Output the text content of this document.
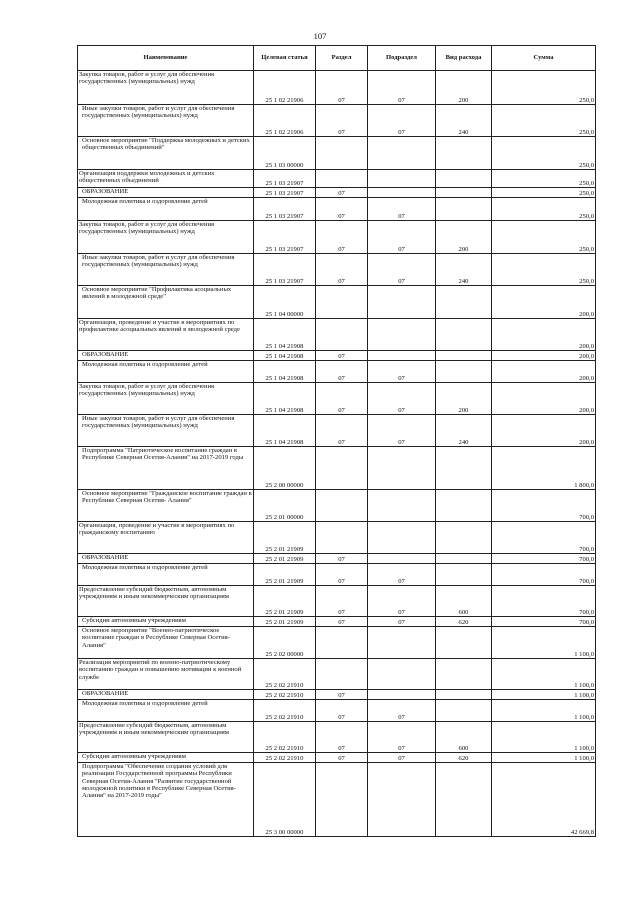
107
Наименование	Целевая статья	Раздел	Подраздел	Вид расхода	Сумма
Закупка товаров, работ и услуг для обеспечения государственных (муниципальных) нужд	25 1 02 21906	07	07	200	250,0
Иные закупки товаров, работ и услуг для обеспечения государственных (муниципальных) нужд	25 1 02 21906	07	07	240	250,0
Основное мероприятие "Поддержка молодежных и детских общественных объединений"	25 1 03 00000				250,0
Организация поддержки молодежных и детских общественных объединений	25 1 03 21907				250,0
ОБРАЗОВАНИЕ	25 1 03 21907	07			250,0
Молодежная политика и оздоровление детей	25 1 03 21907	07	07		250,0
Закупка товаров, работ и услуг для обеспечения государственных (муниципальных) нужд	25 1 03 21907	07	07	200	250,0
Иные закупки товаров, работ и услуг для обеспечения государственных (муниципальных) нужд	25 1 03 21907	07	07	240	250,0
Основное мероприятие "Профилактика асоциальных явлений в молодежной среде"	25 1 04 00000				200,0
Организация, проведение и участие в мероприятиях по профилактике асоциальных явлений в молодежной среде	25 1 04 21908				200,0
ОБРАЗОВАНИЕ	25 1 04 21908	07			200,0
Молодежная политика и оздоровление детей	25 1 04 21908	07	07		200,0
Закупка товаров, работ и услуг для обеспечения государственных (муниципальных) нужд	25 1 04 21908	07	07	200	200,0
Иные закупки товаров, работ и услуг для обеспечения государственных (муниципальных) нужд	25 1 04 21908	07	07	240	200,0
Подпрограмма "Патриотическое воспитание граждан в Республике Северная Осетия-Алания" на 2017-2019 годы	25 2 00 00000				1 800,0
Основное мероприятие "Гражданское воспитание граждан в Республике Северная Осетия- Алания"	25 2 01 00000				700,0
Организация, проведение и участие в мероприятиях по гражданскому воспитанию	25 2 01 21909				700,0
ОБРАЗОВАНИЕ	25 2 01 21909	07			700,0
Молодежная политика и оздоровление детей	25 2 01 21909	07	07		700,0
Предоставление субсидий бюджетным, автономным учреждениям и иным некоммерческим организациям	25 2 01 21909	07	07	600	700,0
Субсидии автономным учреждениям	25 2 01 21909	07	07	620	700,0
Основное мероприятие "Военно-патриотическое воспитание граждан в Республике Северная Осетия-Алания"	25 2 02 00000				1 100,0
Реализация мероприятий по военно-патриотическому воспитанию граждан и повышению мотивации к военной службе	25 2 02 21910				1 100,0
ОБРАЗОВАНИЕ	25 2 02 21910	07			1 100,0
Молодежная политика и оздоровление детей	25 2 02 21910	07	07		1 100,0
Предоставление субсидий бюджетным, автономным учреждениям и иным некоммерческим организациям	25 2 02 21910	07	07	600	1 100,0
Субсидии автономным учреждениям	25 2 02 21910	07	07	620	1 100,0
Подпрограмма "Обеспечение создания условий для реализации Государственной программы Республики Северная Осетия-Алания "Развитие государственной молодежной политики в Республике Северная Осетия-Алания" на 2017-2019 годы"	25 3 00 00000				42 669,8
